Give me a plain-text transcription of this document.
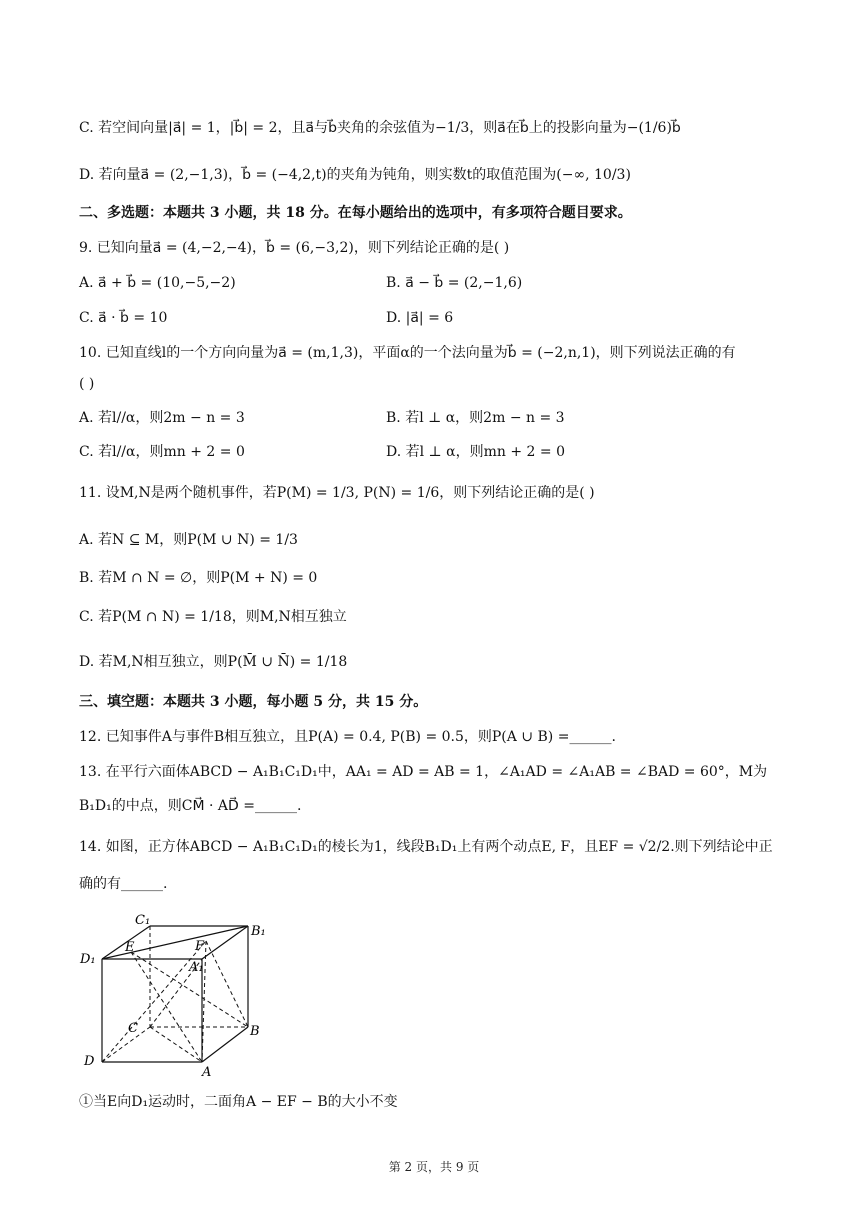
C. 若空间向量|a⃗| = 1，|b⃗| = 2，且a⃗与b⃗夹角的余弦值为−1/3，则a⃗在b⃗上的投影向量为−(1/6)b⃗
D. 若向量a⃗ = (2,−1,3)，b⃗ = (−4,2,t)的夹角为钝角，则实数t的取值范围为(−∞, 10/3)
二、多选题：本题共 3 小题，共 18 分。在每小题给出的选项中，有多项符合题目要求。
9. 已知向量a⃗ = (4,−2,−4)，b⃗ = (6,−3,2)，则下列结论正确的是( )
A. a⃗ + b⃗ = (10,−5,−2)	B. a⃗ − b⃗ = (2,−1,6)
C. a⃗ · b⃗ = 10	D. |a⃗| = 6
10. 已知直线l的一个方向向量为a⃗ = (m,1,3)，平面α的一个法向量为b⃗ = (−2,n,1)，则下列说法正确的有
( )
A. 若l//α，则2m − n = 3	B. 若l ⊥ α，则2m − n = 3
C. 若l//α，则mn + 2 = 0	D. 若l ⊥ α，则mn + 2 = 0
11. 设M,N是两个随机事件，若P(M) = 1/3, P(N) = 1/6，则下列结论正确的是( )
A. 若N ⊆ M，则P(M ∪ N) = 1/3
B. 若M ∩ N = ∅，则P(M + N) = 0
C. 若P(M ∩ N) = 1/18，则M,N相互独立
D. 若M,N相互独立，则P(M̄ ∪ N̄) = 1/18
三、填空题：本题共 3 小题，每小题 5 分，共 15 分。
12. 已知事件A与事件B相互独立，且P(A) = 0.4, P(B) = 0.5，则P(A ∪ B) =______.
13. 在平行六面体ABCD − A₁B₁C₁D₁中，AA₁ = AD = AB = 1，∠A₁AD = ∠A₁AB = ∠BAD = 60°，M为
B₁D₁的中点，则CM⃗ · AD⃗ =______.
14. 如图，正方体ABCD − A₁B₁C₁D₁的棱长为1，线段B₁D₁上有两个动点E, F，且EF = √2/2.则下列结论中正
确的有______.
C₁
B₁
D₁
E	F
A₁
C	B
D
A
①当E向D₁运动时，二面角A − EF − B的大小不变
第 2 页，共 9 页
